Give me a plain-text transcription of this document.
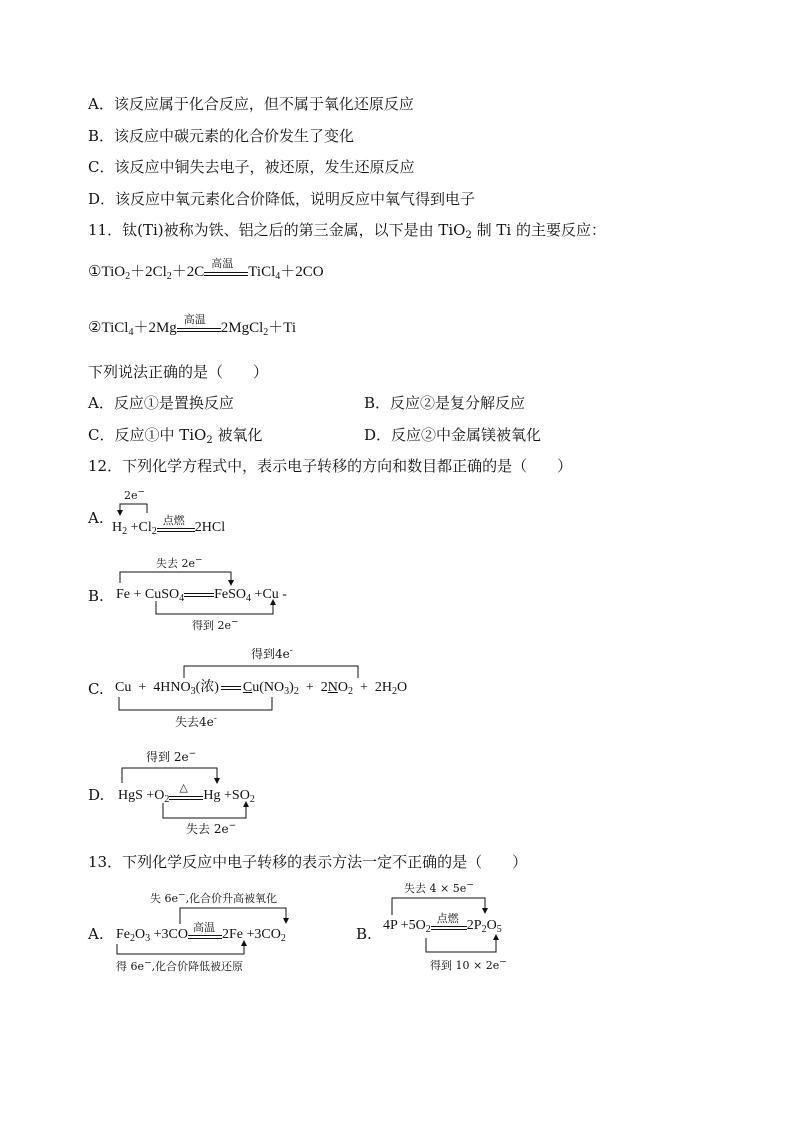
A．该反应属于化合反应，但不属于氧化还原反应
B．该反应中碳元素的化合价发生了变化
C．该反应中铜失去电子，被还原，发生还原反应
D．该反应中氧元素化合价降低，说明反应中氧气得到电子
11．钛(Ti)被称为铁、铝之后的第三金属，以下是由 TiO$_2$ 制 Ti 的主要反应：
$①TiO_2+2Cl_2+2C$
高温
TiCl$_4$＋2CO
②TiCl$_4$＋2Mg
高温
2MgCl$_2$＋Ti
下列说法正确的是（　　）
A．反应①是置换反应	B．反应②是复分解反应
C．反应①中 TiO$_2$ 被氧化	D．反应②中金属镁被氧化
12．下列化学方程式中，表示电子转移的方向和数目都正确的是（　　）
A.
2e−
$H_2 +Cl_2$
点燃 2HCl
B.
失去 2e−
Fe + CuSO$_4$ FeSO$_4$ +Cu -
得到 2e−
C.
得到4e-
$Cu + 4HNO_3$(浓) $Cu(NO_3)_2 + 2NO_2 + 2H_2O$
失去4e-
D.
得到 2e−
HgS $+O_2$
△
$Hg +SO_2$
失去 2e−
13．下列化学反应中电子转移的表示方法一定不正确的是（　　）
A.
失 6e−,化合价升高被氧化
$Fe_2O_3 +3CO$ 高温 $2Fe +3CO_2$
得 6e−,化合价降低被还原
B.
失去 4 × 5e−
$4P +5O_2$
点燃 $2P_2O_5$
得到 10 × 2e−
